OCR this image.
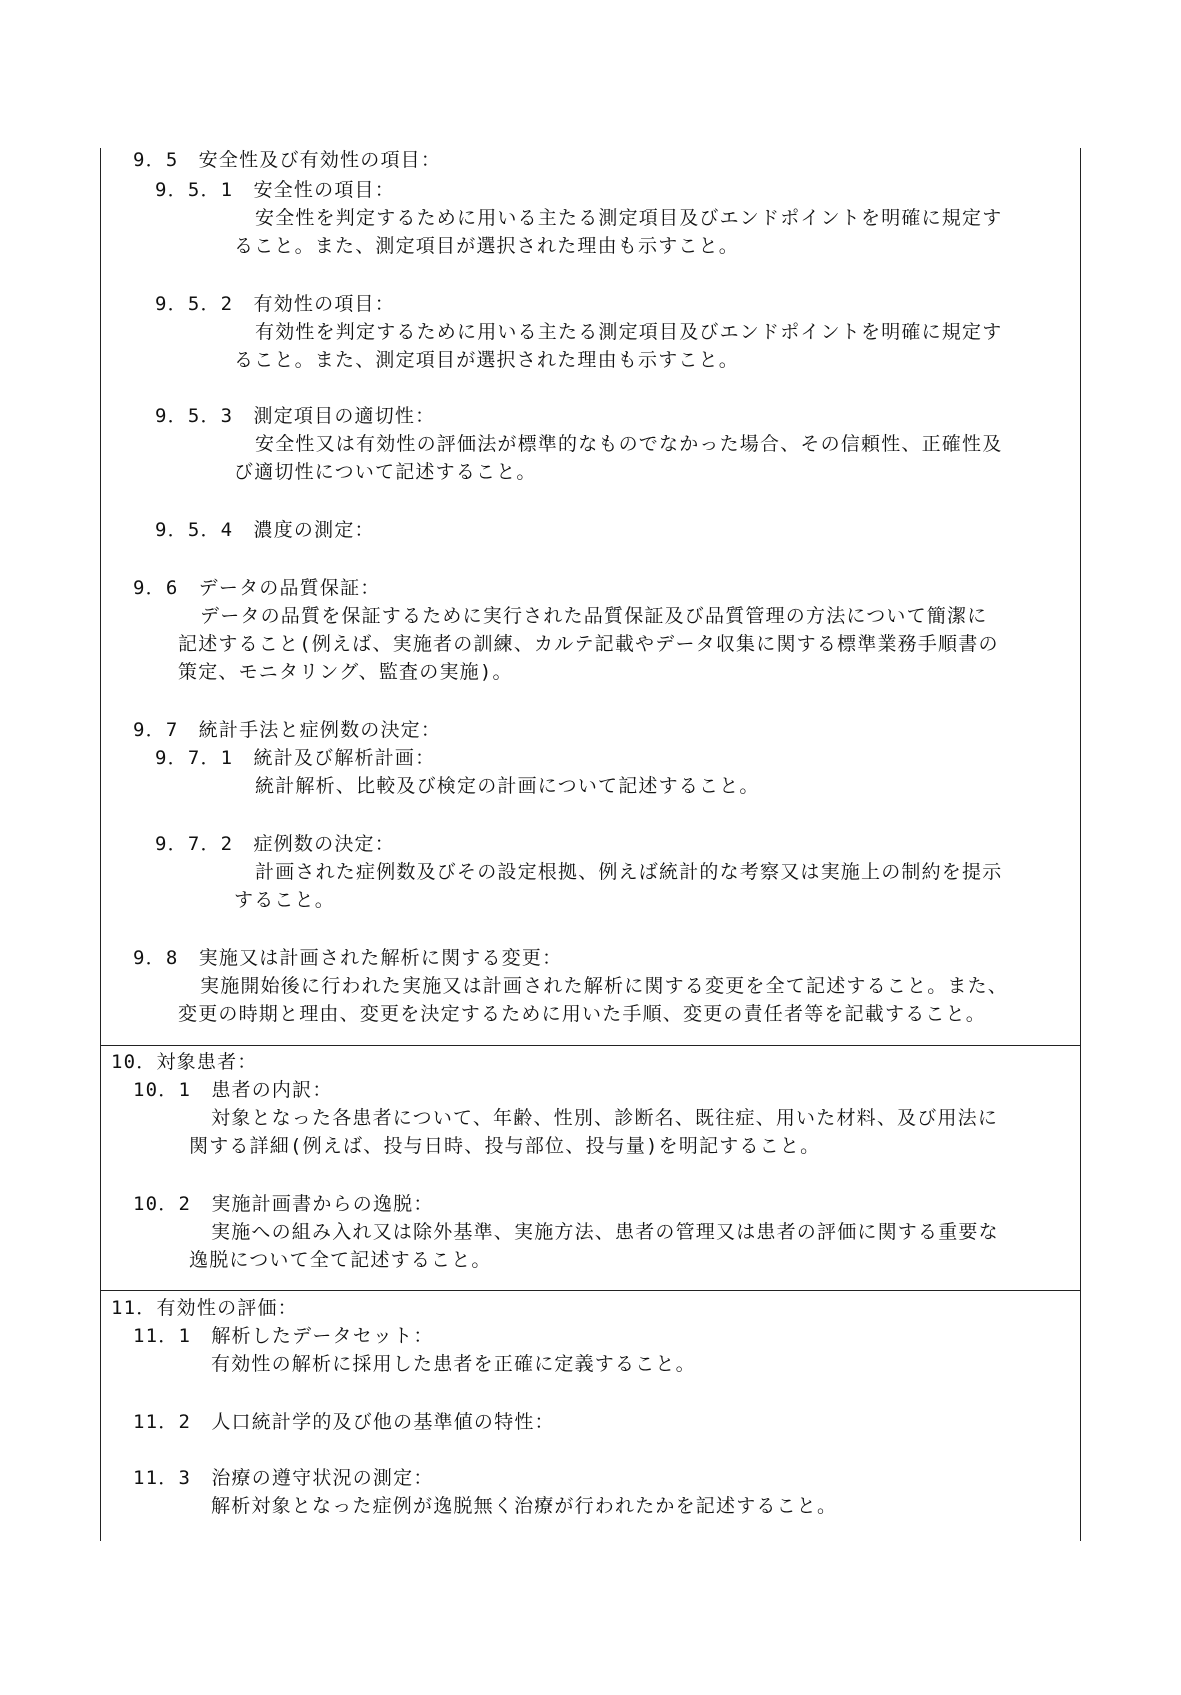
9．5　安全性及び有効性の項目：
9．5．1　安全性の項目：
安全性を判定するために用いる主たる測定項目及びエンドポイントを明確に規定す
ること。また、測定項目が選択された理由も示すこと。
9．5．2　有効性の項目：
有効性を判定するために用いる主たる測定項目及びエンドポイントを明確に規定す
ること。また、測定項目が選択された理由も示すこと。
9．5．3　測定項目の適切性：
安全性又は有効性の評価法が標準的なものでなかった場合、その信頼性、正確性及
び適切性について記述すること。
9．5．4　濃度の測定：
9．6　データの品質保証：
データの品質を保証するために実行された品質保証及び品質管理の方法について簡潔に
記述すること(例えば、実施者の訓練、カルテ記載やデータ収集に関する標準業務手順書の
策定、モニタリング、監査の実施)。
9．7　統計手法と症例数の決定：
9．7．1　統計及び解析計画：
統計解析、比較及び検定の計画について記述すること。
9．7．2　症例数の決定：
計画された症例数及びその設定根拠、例えば統計的な考察又は実施上の制約を提示
すること。
9．8　実施又は計画された解析に関する変更：
実施開始後に行われた実施又は計画された解析に関する変更を全て記述すること。また、
変更の時期と理由、変更を決定するために用いた手順、変更の責任者等を記載すること。
10．対象患者：
10．1　患者の内訳：
対象となった各患者について、年齢、性別、診断名、既往症、用いた材料、及び用法に
関する詳細(例えば、投与日時、投与部位、投与量)を明記すること。
10．2　実施計画書からの逸脱：
実施への組み入れ又は除外基準、実施方法、患者の管理又は患者の評価に関する重要な
逸脱について全て記述すること。
11．有効性の評価：
11．1　解析したデータセット：
有効性の解析に採用した患者を正確に定義すること。
11．2　人口統計学的及び他の基準値の特性：
11．3　治療の遵守状況の測定：
解析対象となった症例が逸脱無く治療が行われたかを記述すること。
